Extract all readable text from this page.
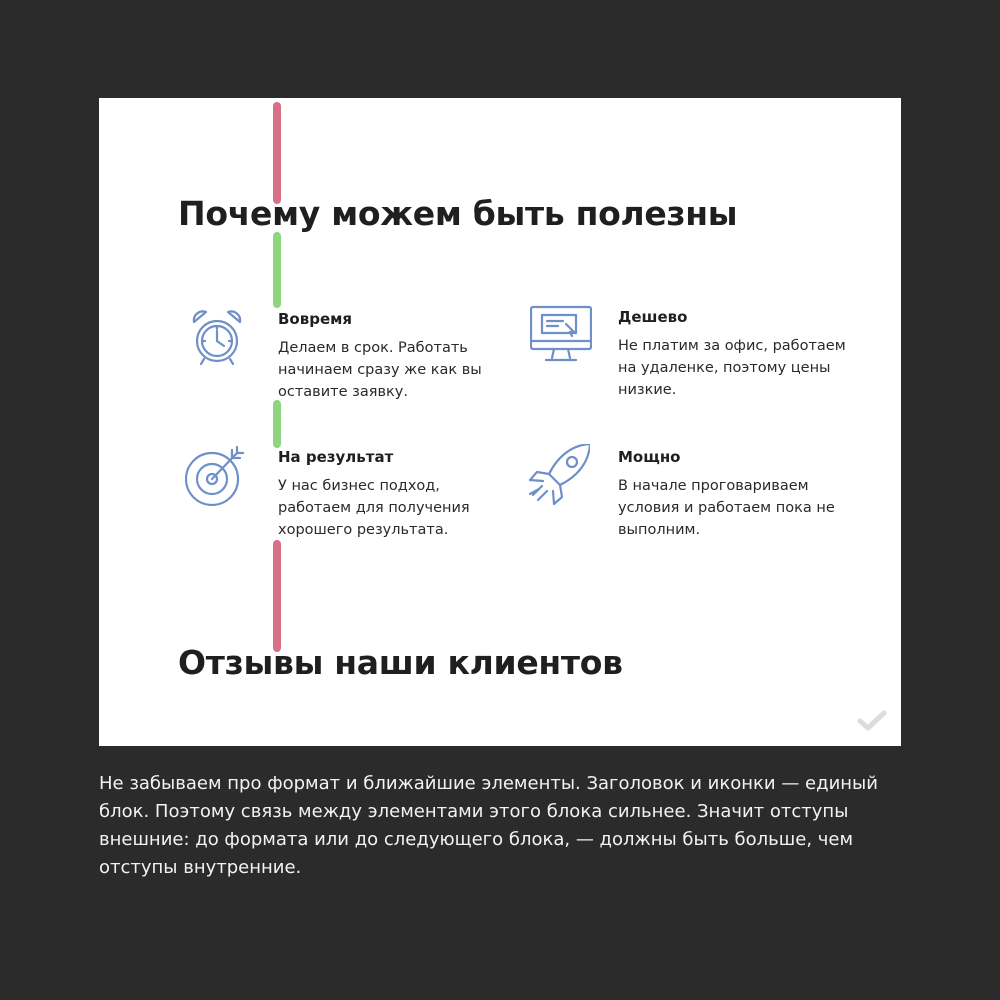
Почему можем быть полезны

Вовремя

Делаем в срок. Работать начинаем сразу же как вы оставите заявку.

Дешево

Не платим за офис, работаем на удаленке, поэтому цены низкие.

На результат

У нас бизнес подход, работаем для получения хорошего результата.

Мощно

В начале проговариваем условия и работаем пока не выполним.

Отзывы наши клиентов

Не забываем про формат и ближайшие элементы. Заголовок и иконки — единый блок. Поэтому связь между элементами этого блока сильнее. Значит отступы внешние: до формата или до следующего блока, — должны быть больше, чем отступы внутренние.
